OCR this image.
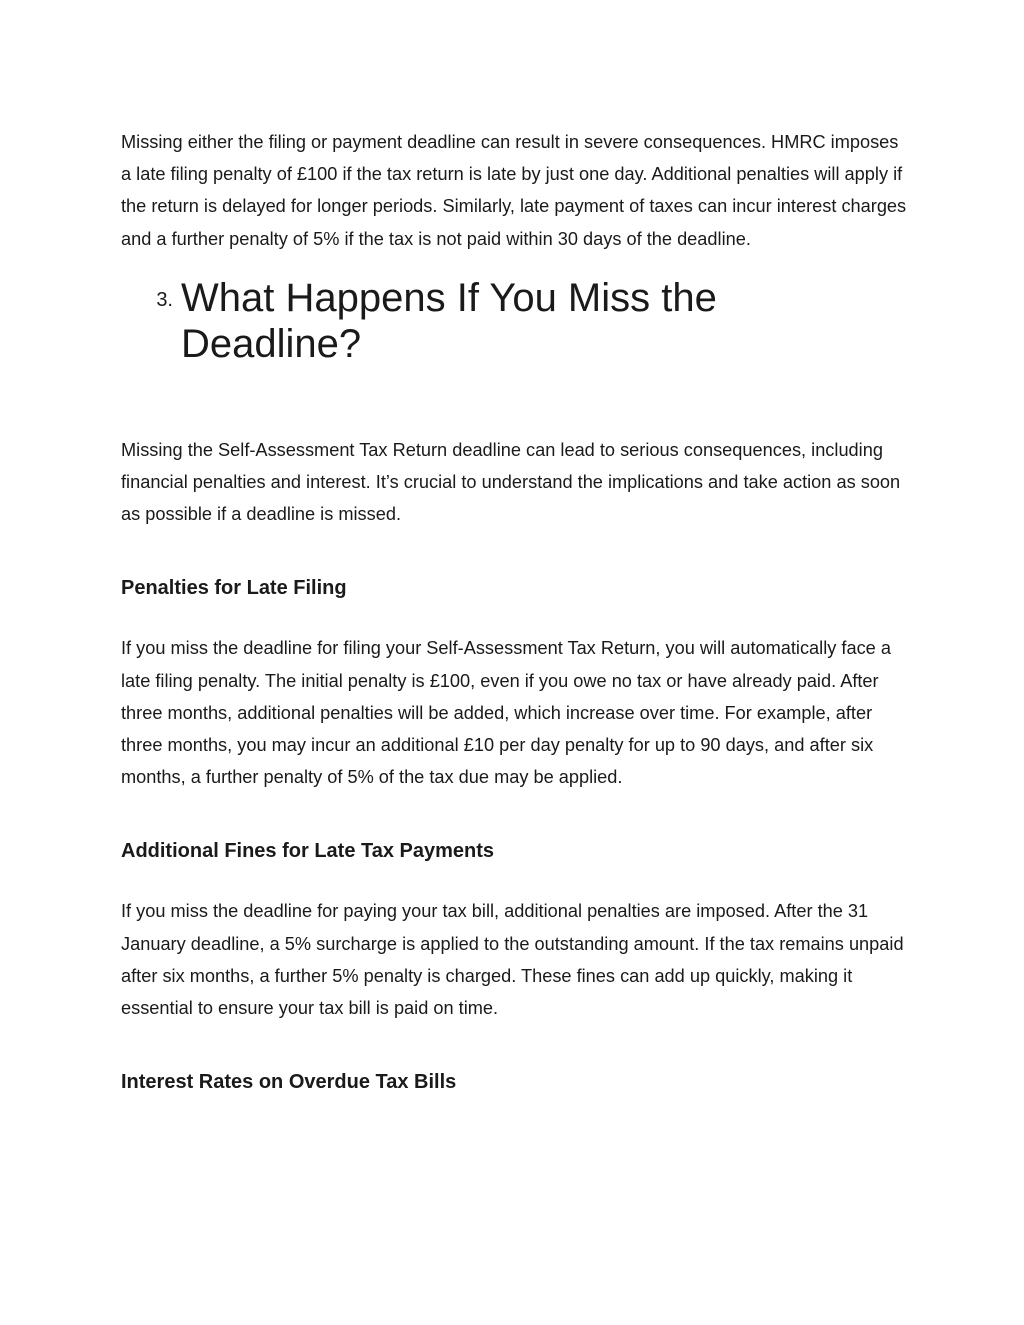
Missing either the filing or payment deadline can result in severe consequences. HMRC imposes a late filing penalty of £100 if the tax return is late by just one day. Additional penalties will apply if the return is delayed for longer periods. Similarly, late payment of taxes can incur interest charges and a further penalty of 5% if the tax is not paid within 30 days of the deadline.

3. What Happens If You Miss the Deadline?

Missing the Self-Assessment Tax Return deadline can lead to serious consequences, including financial penalties and interest. It’s crucial to understand the implications and take action as soon as possible if a deadline is missed.

Penalties for Late Filing

If you miss the deadline for filing your Self-Assessment Tax Return, you will automatically face a late filing penalty. The initial penalty is £100, even if you owe no tax or have already paid. After three months, additional penalties will be added, which increase over time. For example, after three months, you may incur an additional £10 per day penalty for up to 90 days, and after six months, a further penalty of 5% of the tax due may be applied.

Additional Fines for Late Tax Payments

If you miss the deadline for paying your tax bill, additional penalties are imposed. After the 31 January deadline, a 5% surcharge is applied to the outstanding amount. If the tax remains unpaid after six months, a further 5% penalty is charged. These fines can add up quickly, making it essential to ensure your tax bill is paid on time.

Interest Rates on Overdue Tax Bills
